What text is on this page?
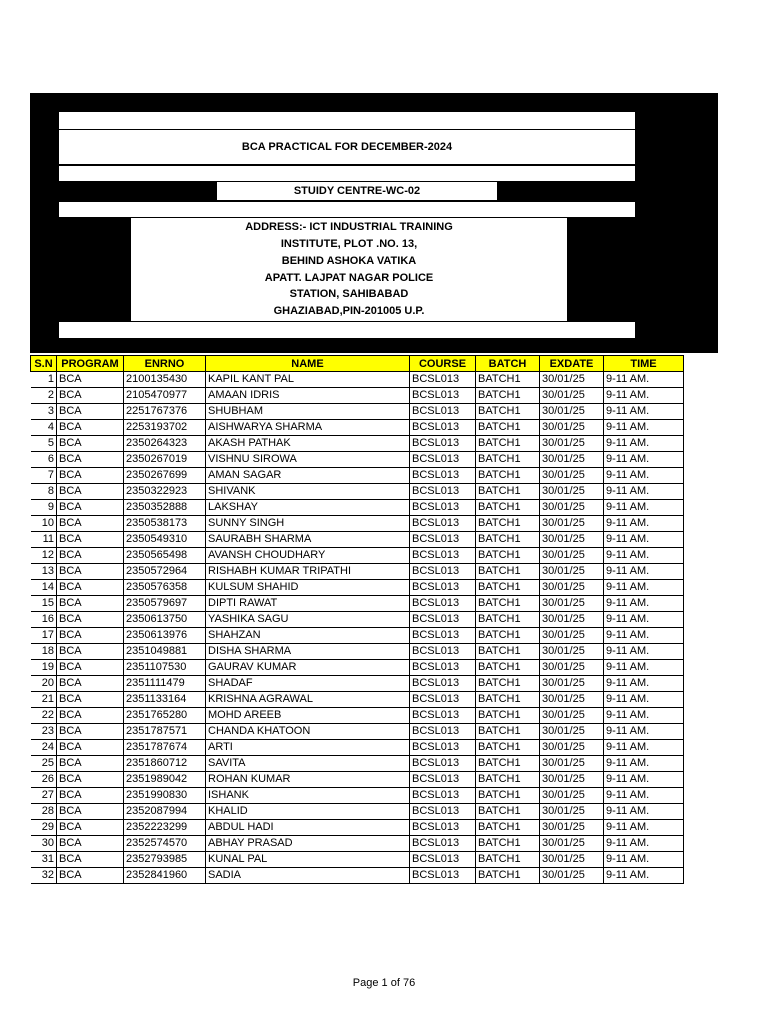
BCA PRACTICAL FOR DECEMBER-2024
STUIDY CENTRE-WC-02
ADDRESS:- ICT INDUSTRIAL TRAINING
INSTITUTE, PLOT .NO. 13,
BEHIND ASHOKA VATIKA
APATT. LAJPAT NAGAR POLICE
STATION, SAHIBABAD
GHAZIABAD,PIN-201005 U.P.
S.N	PROGRAM	ENRNO	NAME	COURSE	BATCH	EXDATE	TIME
1	BCA	2100135430	KAPIL KANT PAL	BCSL013	BATCH1	30/01/25	9-11 AM.
2	BCA	2105470977	AMAAN IDRIS	BCSL013	BATCH1	30/01/25	9-11 AM.
3	BCA	2251767376	SHUBHAM	BCSL013	BATCH1	30/01/25	9-11 AM.
4	BCA	2253193702	AISHWARYA SHARMA	BCSL013	BATCH1	30/01/25	9-11 AM.
5	BCA	2350264323	AKASH PATHAK	BCSL013	BATCH1	30/01/25	9-11 AM.
6	BCA	2350267019	VISHNU SIROWA	BCSL013	BATCH1	30/01/25	9-11 AM.
7	BCA	2350267699	AMAN SAGAR	BCSL013	BATCH1	30/01/25	9-11 AM.
8	BCA	2350322923	SHIVANK	BCSL013	BATCH1	30/01/25	9-11 AM.
9	BCA	2350352888	LAKSHAY	BCSL013	BATCH1	30/01/25	9-11 AM.
10	BCA	2350538173	SUNNY SINGH	BCSL013	BATCH1	30/01/25	9-11 AM.
11	BCA	2350549310	SAURABH SHARMA	BCSL013	BATCH1	30/01/25	9-11 AM.
12	BCA	2350565498	AVANSH CHOUDHARY	BCSL013	BATCH1	30/01/25	9-11 AM.
13	BCA	2350572964	RISHABH KUMAR TRIPATHI	BCSL013	BATCH1	30/01/25	9-11 AM.
14	BCA	2350576358	KULSUM SHAHID	BCSL013	BATCH1	30/01/25	9-11 AM.
15	BCA	2350579697	DIPTI RAWAT	BCSL013	BATCH1	30/01/25	9-11 AM.
16	BCA	2350613750	YASHIKA SAGU	BCSL013	BATCH1	30/01/25	9-11 AM.
17	BCA	2350613976	SHAHZAN	BCSL013	BATCH1	30/01/25	9-11 AM.
18	BCA	2351049881	DISHA SHARMA	BCSL013	BATCH1	30/01/25	9-11 AM.
19	BCA	2351107530	GAURAV KUMAR	BCSL013	BATCH1	30/01/25	9-11 AM.
20	BCA	2351111479	SHADAF	BCSL013	BATCH1	30/01/25	9-11 AM.
21	BCA	2351133164	KRISHNA AGRAWAL	BCSL013	BATCH1	30/01/25	9-11 AM.
22	BCA	2351765280	MOHD AREEB	BCSL013	BATCH1	30/01/25	9-11 AM.
23	BCA	2351787571	CHANDA KHATOON	BCSL013	BATCH1	30/01/25	9-11 AM.
24	BCA	2351787674	ARTI	BCSL013	BATCH1	30/01/25	9-11 AM.
25	BCA	2351860712	SAVITA	BCSL013	BATCH1	30/01/25	9-11 AM.
26	BCA	2351989042	ROHAN KUMAR	BCSL013	BATCH1	30/01/25	9-11 AM.
27	BCA	2351990830	ISHANK	BCSL013	BATCH1	30/01/25	9-11 AM.
28	BCA	2352087994	KHALID	BCSL013	BATCH1	30/01/25	9-11 AM.
29	BCA	2352223299	ABDUL HADI	BCSL013	BATCH1	30/01/25	9-11 AM.
30	BCA	2352574570	ABHAY PRASAD	BCSL013	BATCH1	30/01/25	9-11 AM.
31	BCA	2352793985	KUNAL PAL	BCSL013	BATCH1	30/01/25	9-11 AM.
32	BCA	2352841960	SADIA	BCSL013	BATCH1	30/01/25	9-11 AM.
Page 1 of 76
